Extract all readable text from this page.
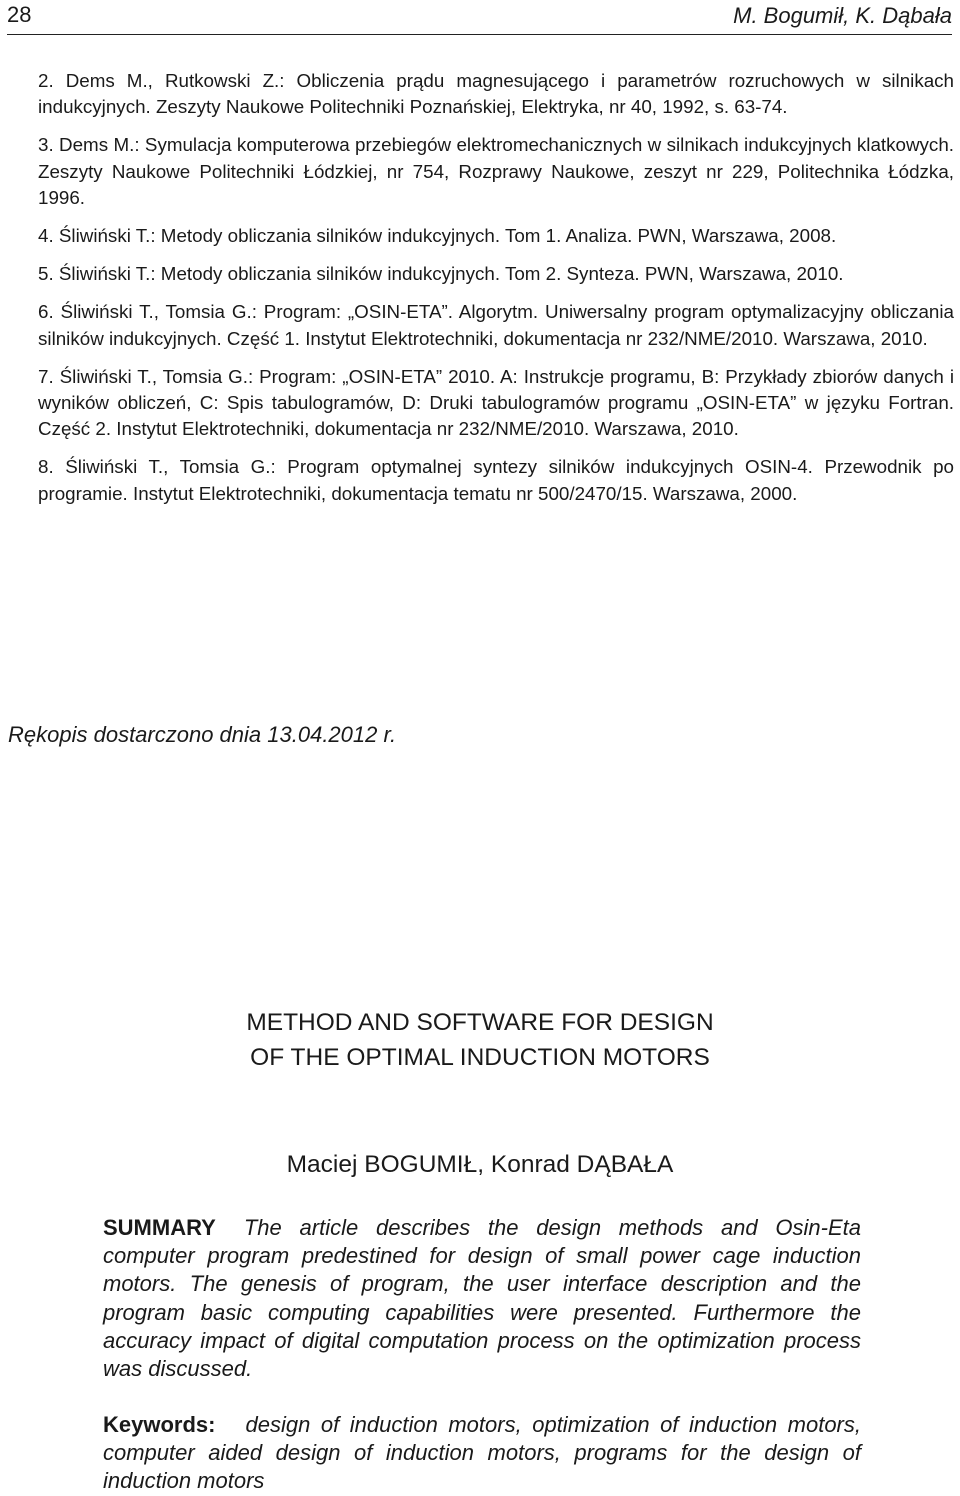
28	M. Bogumił, K. Dąbała
2. Dems M., Rutkowski Z.: Obliczenia prądu magnesującego i parametrów rozruchowych w silnikach indukcyjnych. Zeszyty Naukowe Politechniki Poznańskiej, Elektryka, nr 40, 1992, s. 63-74.
3. Dems M.: Symulacja komputerowa przebiegów elektromechanicznych w silnikach indukcyjnych klatkowych. Zeszyty Naukowe Politechniki Łódzkiej, nr 754, Rozprawy Naukowe, zeszyt nr 229, Politechnika Łódzka, 1996.
4. Śliwiński T.: Metody obliczania silników indukcyjnych. Tom 1. Analiza. PWN, Warszawa, 2008.
5. Śliwiński T.: Metody obliczania silników indukcyjnych. Tom 2. Synteza. PWN, Warszawa, 2010.
6. Śliwiński T., Tomsia G.: Program: „OSIN-ETA”. Algorytm. Uniwersalny program optymalizacyjny obliczania silników indukcyjnych. Część 1. Instytut Elektrotechniki, dokumentacja nr 232/NME/2010. Warszawa, 2010.
7. Śliwiński T., Tomsia G.: Program: „OSIN-ETA” 2010. A: Instrukcje programu, B: Przykłady zbiorów danych i wyników obliczeń, C: Spis tabulogramów, D: Druki tabulogramów programu „OSIN-ETA” w języku Fortran. Część 2. Instytut Elektrotechniki, dokumentacja nr 232/NME/2010. Warszawa, 2010.
8. Śliwiński T., Tomsia G.: Program optymalnej syntezy silników indukcyjnych OSIN-4. Przewodnik po programie. Instytut Elektrotechniki, dokumentacja tematu nr 500/2470/15. Warszawa, 2000.
Rękopis dostarczono dnia 13.04.2012 r.
METHOD AND SOFTWARE FOR DESIGN
OF THE OPTIMAL INDUCTION MOTORS
Maciej BOGUMIŁ, Konrad DĄBAŁA
SUMMARY The article describes the design methods and Osin-Eta computer program predestined for design of small power cage induction motors. The genesis of program, the user interface description and the program basic computing capabilities were presented. Furthermore the accuracy impact of digital computation process on the optimization process was discussed.
Keywords: design of induction motors, optimization of induction motors, computer aided design of induction motors, programs for the design of induction motors
